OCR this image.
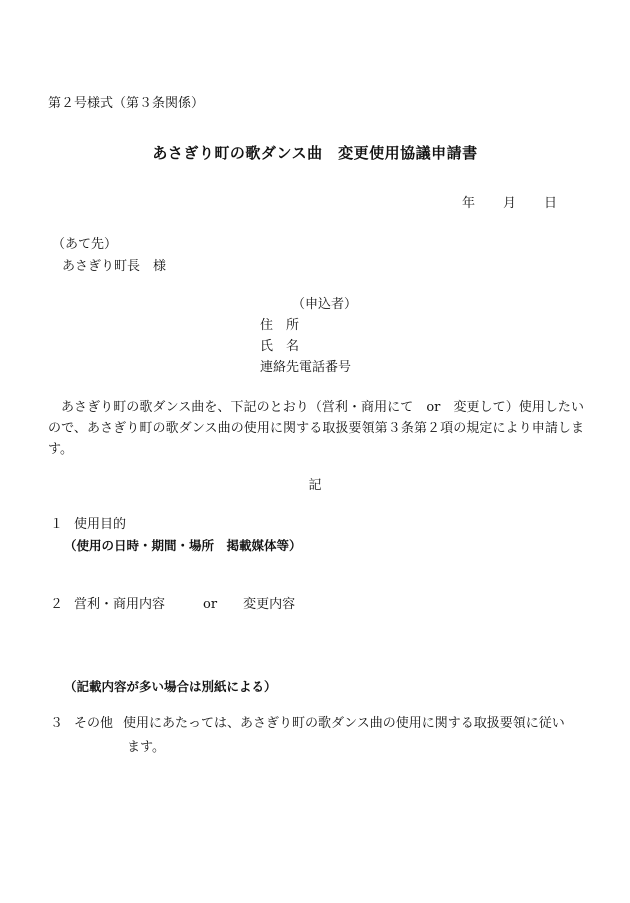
第２号様式（第３条関係）
あさぎり町の歌ダンス曲　変更使用協議申請書
年 月 日
（あて先）
あさぎり町長　様
（申込者）
住　所
氏　名
連絡先電話番号
あさぎり町の歌ダンス曲を、下記のとおり（営利・商用にて　or　変更して）使用したいので、あさぎり町の歌ダンス曲の使用に関する取扱要領第３条第２項の規定により申請します。
記
１ 使用目的
（使用の日時・期間・場所　掲載媒体等）
２ 営利・商用内容	or 変更内容
（記載内容が多い場合は別紙による）
３ その他 使用にあたっては、あさぎり町の歌ダンス曲の使用に関する取扱要領に従い
ます。
